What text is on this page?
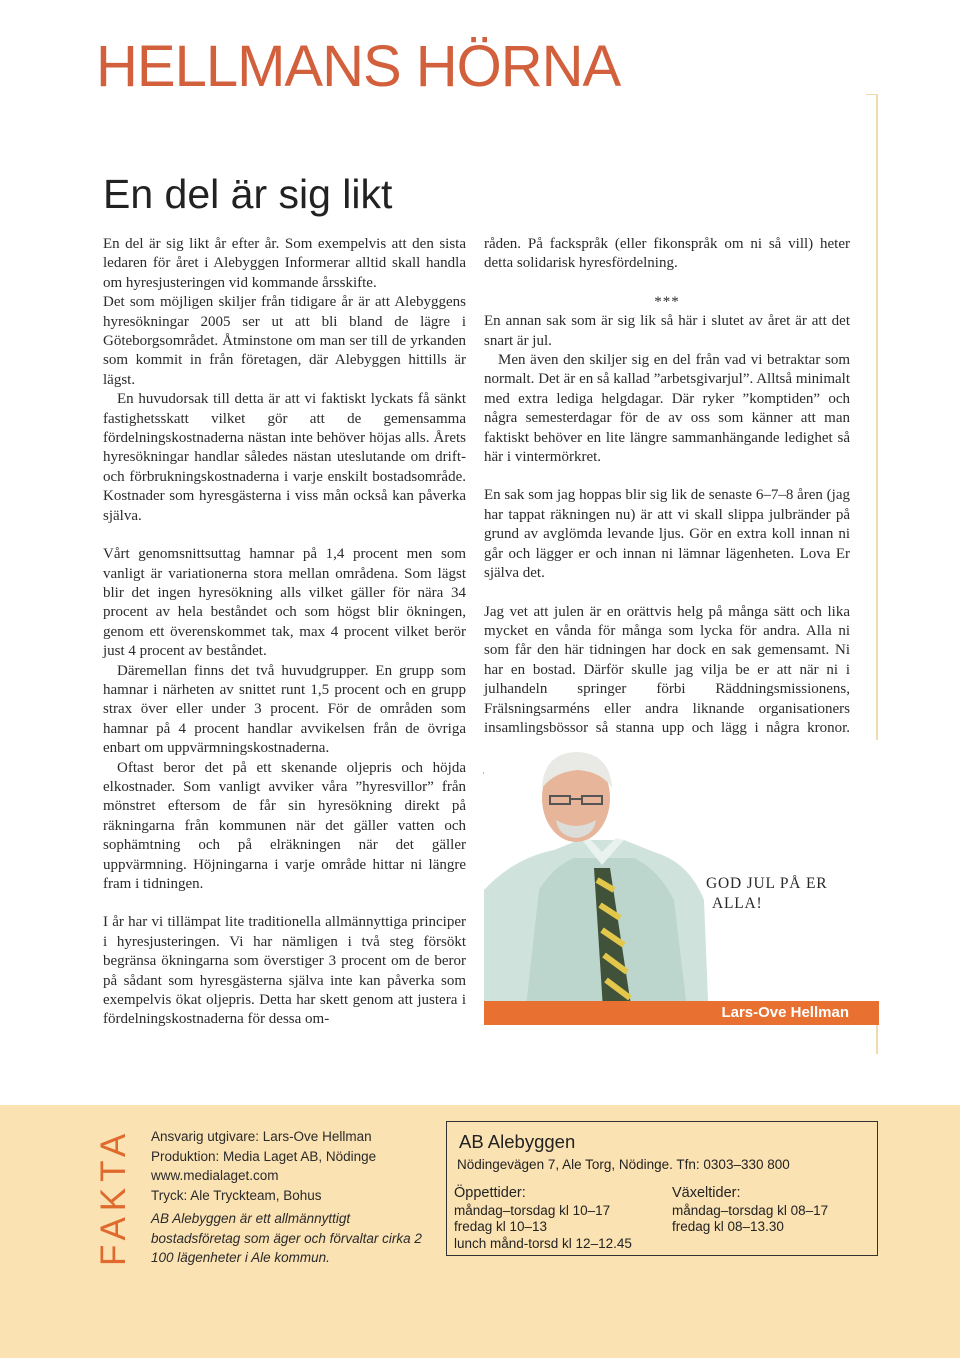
HELLMANS HÖRNA
En del är sig likt

En del är sig likt år efter år. Som exempelvis att den sista ledaren för året i Alebyggen Informerar alltid skall handla om hyresjusteringen vid kommande årsskifte.

Det som möjligen skiljer från tidigare år är att Alebyggens hyresökningar 2005 ser ut att bli bland de lägre i Göteborgsområdet. Åtminstone om man ser till de yrkanden som kommit in från företagen, där Alebyggen hittills är lägst.

En huvudorsak till detta är att vi faktiskt lyckats få sänkt fastighetsskatt vilket gör att de gemensamma fördelningskostnaderna nästan inte behöver höjas alls. Årets hyresökningar handlar således nästan uteslutande om drift- och förbrukningskostnaderna i varje enskilt bostadsområde. Kostnader som hyresgästerna i viss mån också kan påverka själva.

Vårt genomsnittsuttag hamnar på 1,4 procent men som vanligt är variationerna stora mellan områdena. Som lägst blir det ingen hyresökning alls vilket gäller för nära 34 procent av hela beståndet och som högst blir ökningen, genom ett överenskommet tak, max 4 procent vilket berör just 4 procent av beståndet.

Däremellan finns det två huvudgrupper. En grupp som hamnar i närheten av snittet runt 1,5 procent och en grupp strax över eller under 3 procent. För de områden som hamnar på 4 procent handlar avvikelsen från de övriga enbart om uppvärmningskostnaderna.

Oftast beror det på ett skenande oljepris och höjda elkostnader. Som vanligt avviker våra ”hyresvillor” från mönstret eftersom de får sin hyresökning direkt på räkningarna från kommunen när det gäller vatten och sophämtning och på elräkningen när det gäller uppvärmning. Höjningarna i varje område hittar ni längre fram i tidningen.

I år har vi tillämpat lite traditionella allmännyttiga principer i hyresjusteringen. Vi har nämligen i två steg försökt begränsa ökningarna som överstiger 3 procent om de beror på sådant som hyresgästerna själva inte kan påverka som exempelvis ökat oljepris. Detta har skett genom att justera i fördelningskostnaderna för dessa om-

råden. På fackspråk (eller fikonspråk om ni så vill) heter detta solidarisk hyresfördelning.

***

En annan sak som är sig lik så här i slutet av året är att det snart är jul.

Men även den skiljer sig en del från vad vi betraktar som normalt. Det är en så kallad ”arbetsgivarjul”. Alltså minimalt med extra lediga helgdagar. Där ryker ”komptiden” och några semesterdagar för de av oss som känner att man faktiskt behöver en lite längre sammanhängande ledighet så här i vintermörkret.

En sak som jag hoppas blir sig lik de senaste 6–7–8 åren (jag har tappat räkningen nu) är att vi skall slippa julbränder på grund av avglömda levande ljus. Gör en extra koll innan ni går och lägger er och innan ni lämnar lägenheten. Lova Er själva det.

Jag vet att julen är en orättvis helg på många sätt och lika mycket en vånda för många som lycka för andra. Alla ni som får den här tidningen har dock en sak gemensamt. Ni har en bostad. Därför skulle jag vilja be er att när ni i julhandeln springer förbi Räddningsmissionens, Frälsningsarméns eller andra liknande organisationers insamlingsbössor så stanna upp och lägg i några kronor.

GOD JUL PÅ ER
ALLA!
Lars-Ove Hellman
FAKTA Ansvarig utgivare: Lars-Ove Hellman
Produktion: Media Laget AB, Nödinge
www.medialaget.com
Tryck: Ale Tryckteam, Bohus
AB Alebyggen är ett allmännyttigt bostadsföretag som äger och förvaltar cirka 2 100 lägenheter i Ale kommun.
AB Alebyggen
Nödingevägen 7, Ale Torg, Nödinge. Tfn: 0303–330 800
Öppettider:
måndag–torsdag kl 10–17
fredag kl 10–13
lunch månd-torsd kl 12–12.45
Växeltider:
måndag–torsdag kl 08–17
fredag kl 08–13.30
